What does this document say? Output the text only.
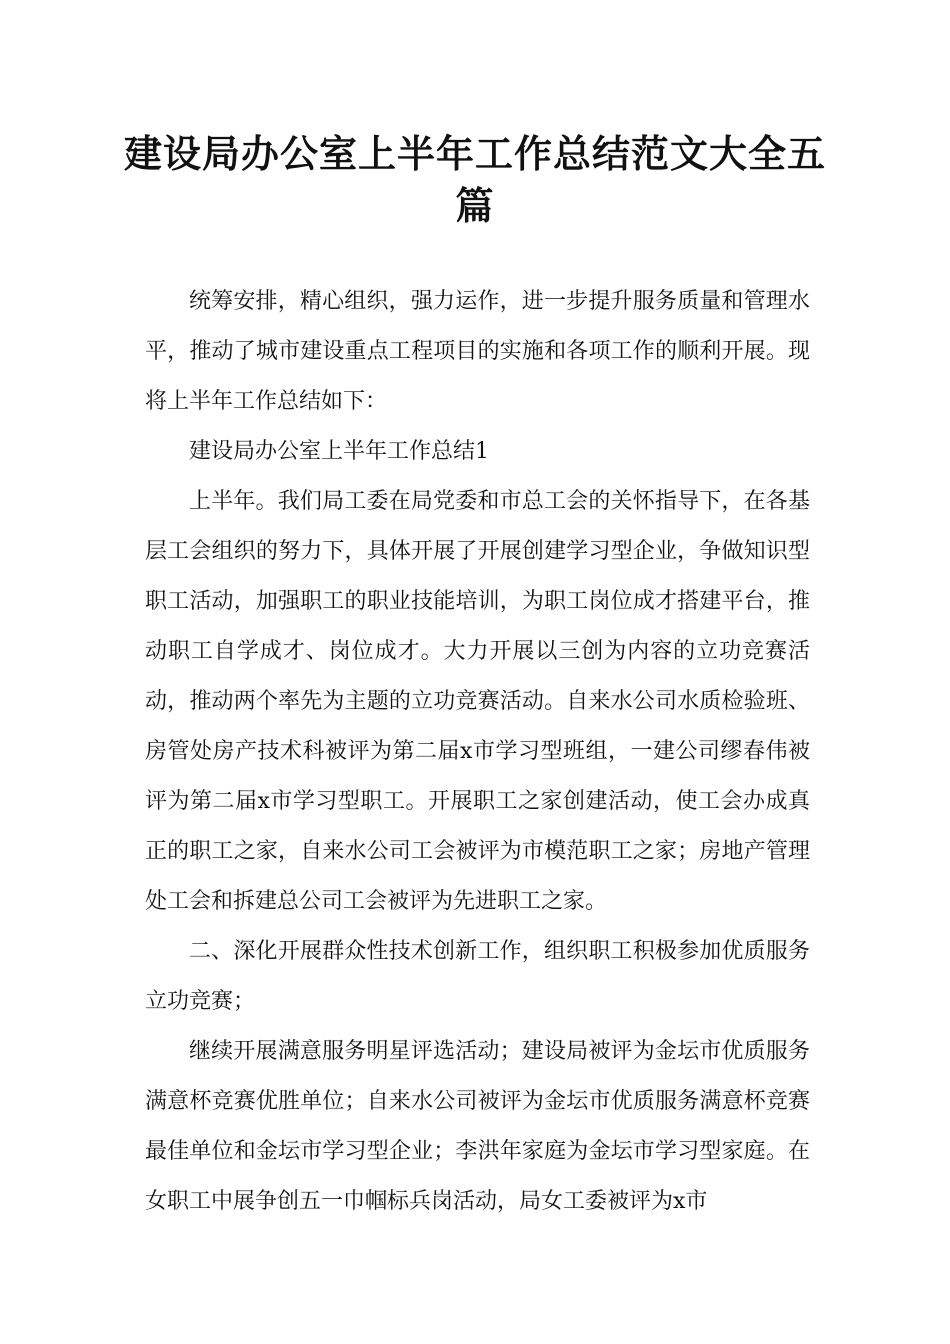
建设局办公室上半年工作总结范文大全五篇

统筹安排，精心组织，强力运作，进一步提升服务质量和管理水平，推动了城市建设重点工程项目的实施和各项工作的顺利开展。现将上半年工作总结如下：

建设局办公室上半年工作总结1

上半年。我们局工委在局党委和市总工会的关怀指导下，在各基层工会组织的努力下，具体开展了开展创建学习型企业，争做知识型职工活动，加强职工的职业技能培训，为职工岗位成才搭建平台，推动职工自学成才、岗位成才。大力开展以三创为内容的立功竞赛活动，推动两个率先为主题的立功竞赛活动。自来水公司水质检验班、房管处房产技术科被评为第二届x市学习型班组，一建公司缪春伟被评为第二届x市学习型职工。开展职工之家创建活动，使工会办成真正的职工之家，自来水公司工会被评为市模范职工之家；房地产管理处工会和拆建总公司工会被评为先进职工之家。

二、深化开展群众性技术创新工作，组织职工积极参加优质服务立功竞赛；

继续开展满意服务明星评选活动；建设局被评为金坛市优质服务满意杯竞赛优胜单位；自来水公司被评为金坛市优质服务满意杯竞赛最佳单位和金坛市学习型企业；李洪年家庭为金坛市学习型家庭。在女职工中展争创五一巾帼标兵岗活动，局女工委被评为x市
